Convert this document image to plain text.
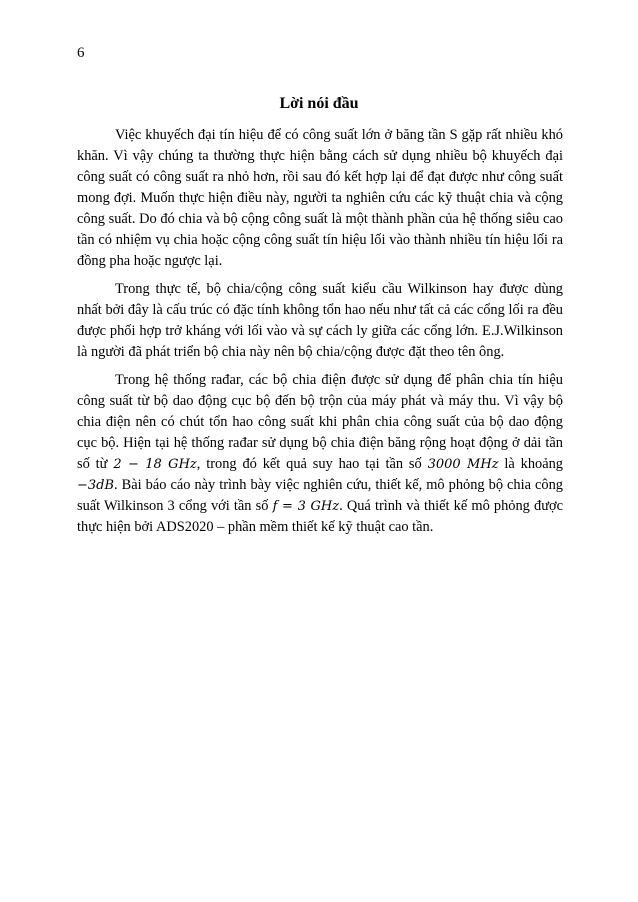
6
Lời nói đầu

Việc khuyếch đại tín hiệu để có công suất lớn ở băng tần S gặp rất nhiều khó khăn. Vì vậy chúng ta thường thực hiện bằng cách sử dụng nhiều bộ khuyếch đại công suất có công suất ra nhỏ hơn, rồi sau đó kết hợp lại để đạt được như công suất mong đợi. Muốn thực hiện điều này, người ta nghiên cứu các kỹ thuật chia và cộng công suất. Do đó chia và bộ cộng công suất là một thành phần của hệ thống siêu cao tần có nhiệm vụ chia hoặc cộng công suất tín hiệu lối vào thành nhiều tín hiệu lối ra đồng pha hoặc ngược lại.

Trong thực tế, bộ chia/cộng công suất kiểu cầu Wilkinson hay được dùng nhất bởi đây là cấu trúc có đặc tính không tổn hao nếu như tất cả các cổng lối ra đều được phối hợp trở kháng với lối vào và sự cách ly giữa các cổng lớn. E.J.Wilkinson là người đã phát triển bộ chia này nên bộ chia/cộng được đặt theo tên ông.

Trong hệ thống rađar, các bộ chia điện được sử dụng để phân chia tín hiệu công suất từ bộ dao động cục bộ đến bộ trộn của máy phát và máy thu. Vì vậy bộ chia điện nên có chút tổn hao công suất khi phân chia công suất của bộ dao động cục bộ. Hiện tại hệ thống rađar sử dụng bộ chia điện băng rộng hoạt động ở dải tần số từ 2 − 18 GHz, trong đó kết quả suy hao tại tần số 3000 MHz là khoảng −3dB. Bài báo cáo này trình bày việc nghiên cứu, thiết kế, mô phỏng bộ chia công suất Wilkinson 3 cổng với tần số f = 3 GHz. Quá trình và thiết kế mô phỏng được thực hiện bởi ADS2020 – phần mềm thiết kế kỹ thuật cao tần.
